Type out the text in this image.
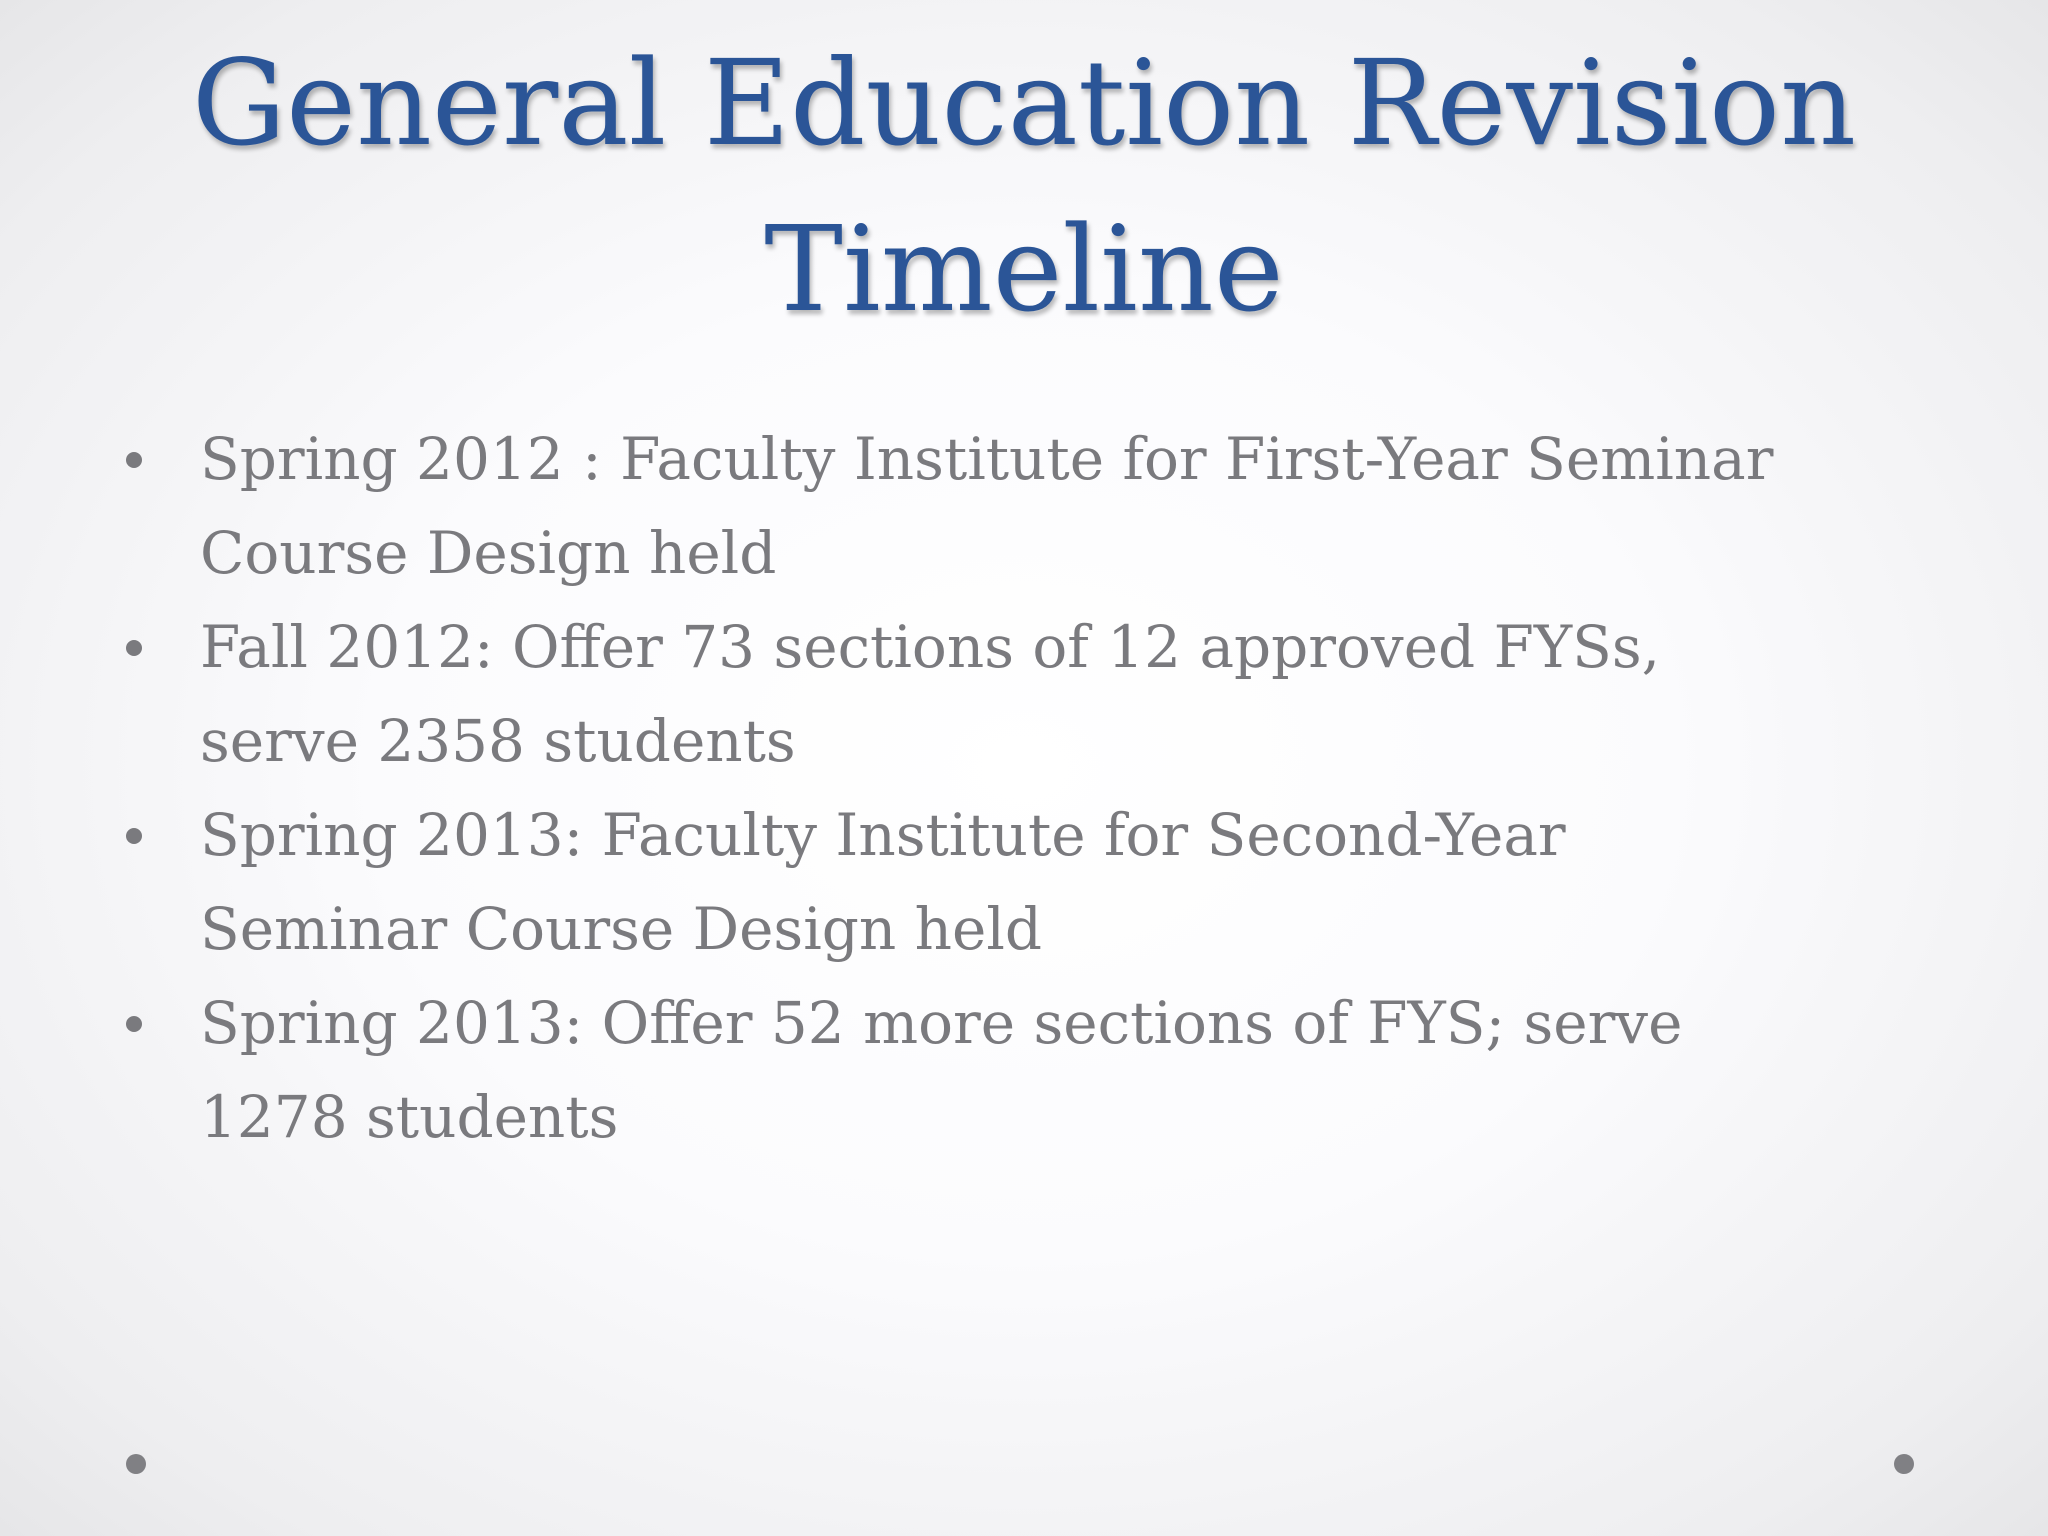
General Education Revision
Timeline
Spring 2012 : Faculty Institute for First-Year Seminar Course Design held
Fall 2012: Offer 73 sections of 12 approved FYSs, serve 2358 students
Spring 2013: Faculty Institute for Second-Year Seminar Course Design held
Spring 2013: Offer 52 more sections of FYS; serve 1278 students
